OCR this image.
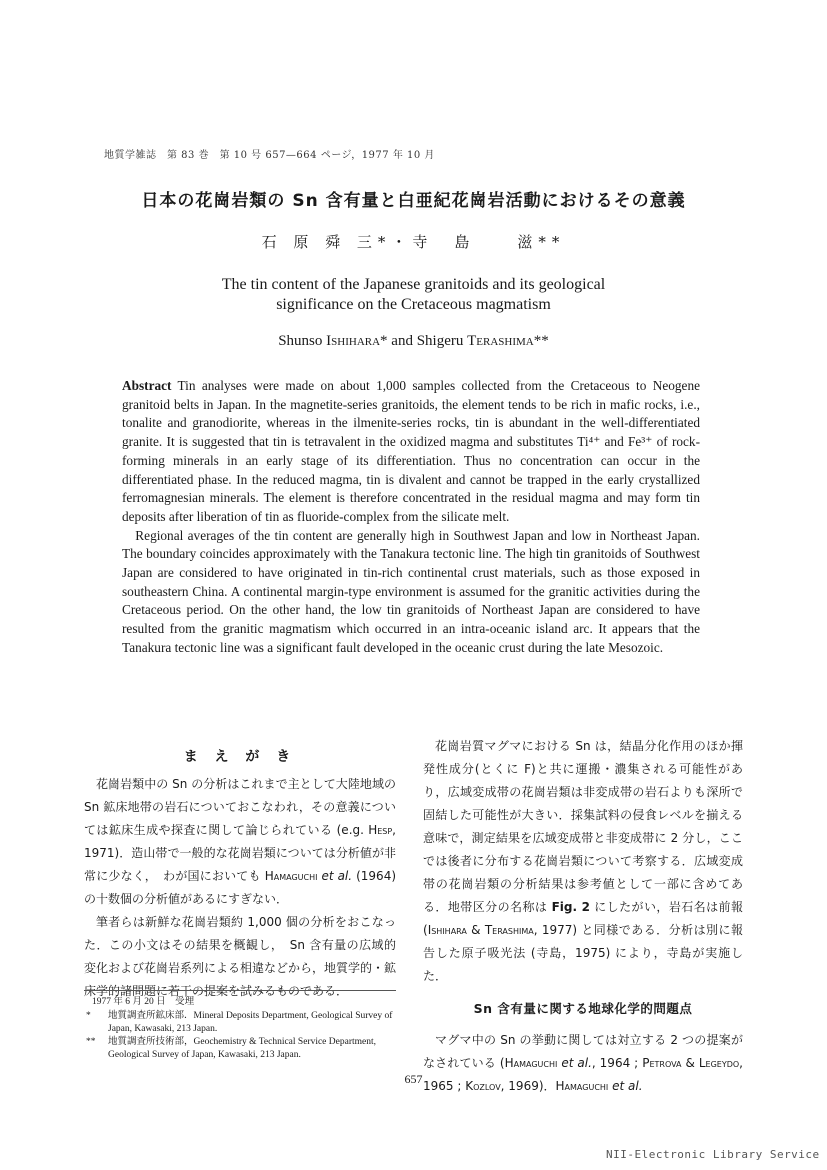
地質学雑誌　第 83 巻　第 10 号 657—664 ページ，1977 年 10 月
日本の花崗岩類の Sn 含有量と白亜紀花崗岩活動におけるその意義
石 原 舜 三*・寺　島　　滋**
The tin content of the Japanese granitoids and its geological
significance on the Cretaceous magmatism
Shunso Ishihara* and Shigeru Terashima**

Abstract Tin analyses were made on about 1,000 samples collected from the Cretaceous to Neogene granitoid belts in Japan. In the magnetite-series granitoids, the element tends to be rich in mafic rocks, i.e., tonalite and granodiorite, whereas in the ilmenite-series rocks, tin is abundant in the well-differentiated granite. It is suggested that tin is tetravalent in the oxidized magma and substitutes Ti⁴⁺ and Fe³⁺ of rock-forming minerals in an early stage of its differentiation. Thus no concentration can occur in the differentiated phase. In the reduced magma, tin is divalent and cannot be trapped in the early crystallized ferromagnesian minerals. The element is therefore concentrated in the residual magma and may form tin deposits after liberation of tin as fluoride-complex from the silicate melt.

Regional averages of the tin content are generally high in Southwest Japan and low in Northeast Japan. The boundary coincides approximately with the Tanakura tectonic line. The high tin granitoids of Southwest Japan are considered to have originated in tin-rich continental crust materials, such as those exposed in southeastern China. A continental margin-type environment is assumed for the granitic activities during the Cretaceous period. On the other hand, the low tin granitoids of Northeast Japan are considered to have resulted from the granitic magmatism which occurred in an intra-oceanic island arc. It appears that the Tanakura tectonic line was a significant fault developed in the oceanic crust during the late Mesozoic.

ま え が き

花崗岩類中の Sn の分析はこれまで主として大陸地域の Sn 鉱床地帯の岩石についておこなわれ，その意義については鉱床生成や探査に関して論じられている (e.g. Hesp, 1971)．造山帯で一般的な花崗岩類については分析値が非常に少なく，　わが国においても Hamaguchi et al. (1964) の十数個の分析値があるにすぎない．

筆者らは新鮮な花崗岩類約 1,000 個の分析をおこなった．この小文はその結果を概観し，　Sn 含有量の広域的変化および花崗岩系列による相違などから，地質学的・鉱床学的諸問題に若干の提案を試みるものである．

1977 年 6 月 20 日　受理
*	地質調査所鉱床部．Mineral Deposits Department, Geological Survey of Japan, Kawasaki, 213 Japan.
**	地質調査所技術部，Geochemistry & Technical Service Department, Geological Survey of Japan, Kawasaki, 213 Japan.

花崗岩質マグマにおける Sn は，結晶分化作用のほか揮発性成分(とくに F)と共に運搬・濃集される可能性があり，広域変成帯の花崗岩類は非変成帯の岩石よりも深所で固結した可能性が大きい．採集試料の侵食レベルを揃える意味で，測定結果を広域変成帯と非変成帯に 2 分し，ここでは後者に分布する花崗岩類について考察する．広域変成帯の花崗岩類の分析結果は参考値として一部に含めてある．地帯区分の名称は Fig. 2 にしたがい，岩石名は前報 (Ishihara & Terashima, 1977) と同様である．分析は別に報告した原子吸光法 (寺島，1975) により，寺島が実施した．

Sn 含有量に関する地球化学的問題点

マグマ中の Sn の挙動に関しては対立する 2 つの提案がなされている (Hamaguchi et al., 1964 ; Petrova & Legeydo, 1965 ; Kozlov, 1969)．Hamaguchi et al.

657
NII-Electronic Library Service
